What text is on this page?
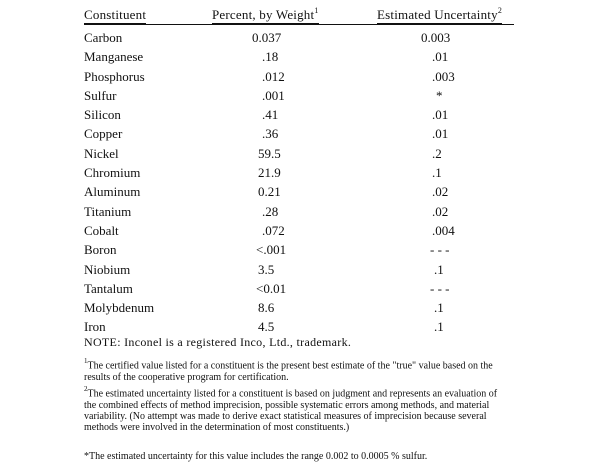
Constituent	Percent, by Weight$^1$	Estimated Uncertainty$^2$
Carbon	0.037	0.003
Manganese	.18	.01
Phosphorus	.012	.003
Sulfur	.001	*
Silicon	.41	.01
Copper	.36	.01
Nickel	59.5	.2
Chromium	21.9	.1
Aluminum	0.21	.02
Titanium	.28	.02
Cobalt	.072	.004
Boron	<.001	- - -
Niobium	3.5	.1
Tantalum	<0.01	- - -
Molybdenum	8.6	.1
Iron	4.5	.1
NOTE: Inconel is a registered Inco, Ltd., trademark.
$^1$The certified value listed for a constituent is the present best estimate of the "true" value based on the results of the cooperative program for certification.
$^2$The estimated uncertainty listed for a constituent is based on judgment and represents an evaluation of the combined effects of method imprecision, possible systematic errors among methods, and material variability. (No attempt was made to derive exact statistical measures of imprecision because several methods were involved in the determination of most constituents.)
*The estimated uncertainty for this value includes the range 0.002 to 0.0005 % sulfur.
